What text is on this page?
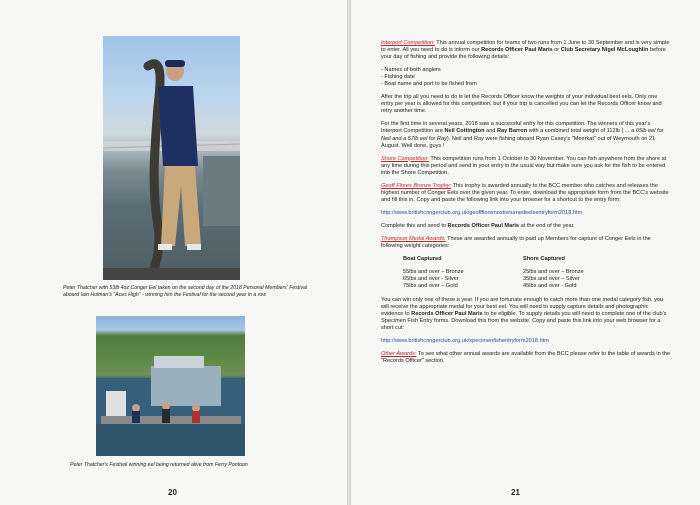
Peter Thatcher with 53lb 4oz Conger Eel taken on the second day of the 2018 Personal Members' Festival aboard Iain Holman's "Aces High" - winning him the Festival for the second year in a row
Peter Thatcher's Festival winning eel being returned alive from Ferry Pontoon
20

Interport Competition: This annual competition for teams of two runs from 1 June to 30 September and is very simple to enter. All you need to do is inform our Records Officer Paul Maris or Club Secretary Nigel McLoughlin before your day of fishing and provide the following details:

- Names of both anglers
- Fishing date
- Boat name and port to be fished from

After the trip all you need to do is let the Records Officer know the weights of your individual best eels. Only one entry per year is allowed for this competition, but if your trip is cancelled you can let the Records Officer know and retry another time.

For the first time in several years, 2018 saw a successful entry for this competition. The winners of this year's Interport Competition are Neil Cottington and Ray Barron with a combined total weight of 112lb ( ... a 65lb eel for Neil and a 57lb eel for Ray). Neil and Ray were fishing aboard Ryan Casey's "Meerkat" out of Weymouth on 21 August. Well done, guys !

Shore Competition: This competition runs from 1 October to 30 November. You can fish anywhere from the shore at any time during this period and send in your entry in the usual way but make sure you ask for the fish to be entered into the Shore Competition.

Geoff Flores Bronze Trophy: This trophy is awarded annually to the BCC member who catches and releases the highest number of Conger Eels over the given year. To enter, download the appropriate form from the BCC's website and fill this in. Copy and paste the following link into your browser for a shortcut to the entry form:

http://www.britishcongerclub.org.uk/geoffflorsmostreturnedeelsentryform2018.htm

Complete this and send to Records Officer Paul Maris at the end of the year.

Thompson Medal Awards: These are awarded annually to paid up Members for capture of Conger Eels in the following weight categories:

Boat Captured
55lbs and over – Bronze
65lbs and over - Silver
75lbs and over – Gold
Shore Captured
25lbs and over – Bronze
35lbs and over – Silver
45lbs and over - Gold

You can win only one of these a year. If you are fortunate enough to catch more than one medal category fish, you will receive the appropriate medal for your best eel. You will need to supply capture details and photographic evidence to Records Officer Paul Maris to be eligible. To supply details you will need to complete one of the club's Specimen Fish Entry forms. Download this from the website. Copy and paste this link into your web browser for a short cut:

http://www.britishcongerclub.org.uk/specimenfishentryform2018.htm

Other Awards: To see what other annual awards are available from the BCC please refer to the table of awards in the "Records Officer" section.

21
